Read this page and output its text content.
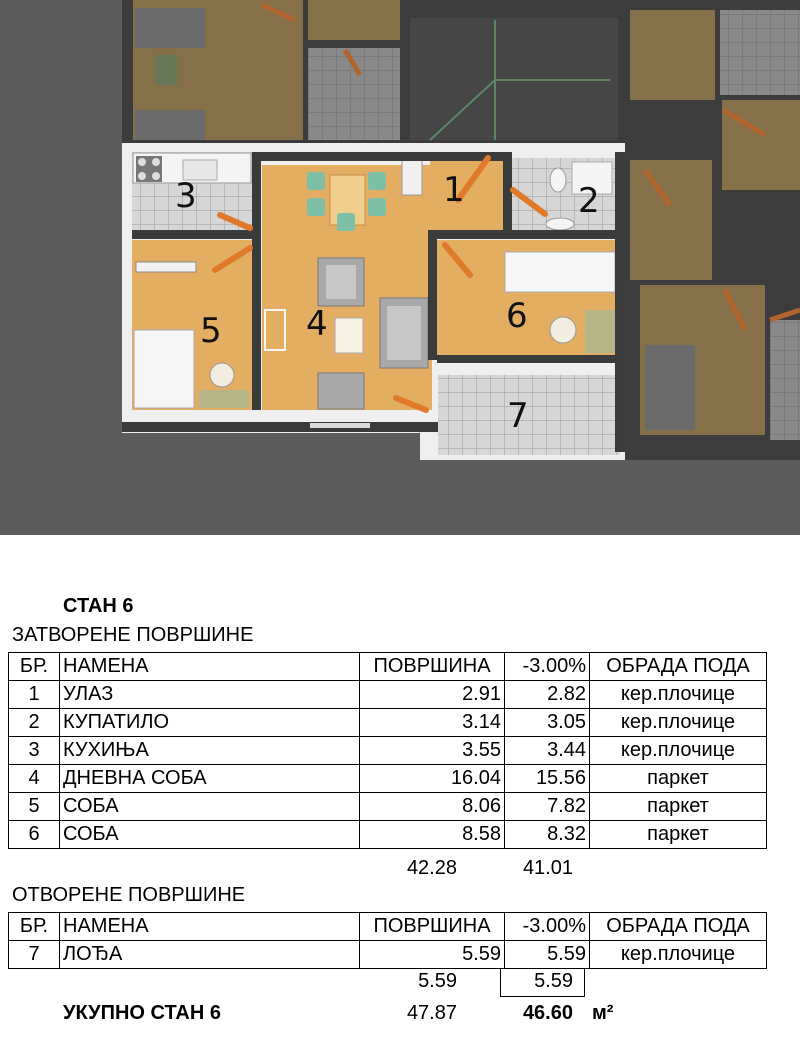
1	2
3
4
5	6
7
СТАН 6
ЗАТВОРЕНЕ ПОВРШИНЕ
БР.	НАМЕНА	ПОВРШИНА	-3.00%	ОБРАДА ПОДА
1	УЛАЗ	2.91	2.82	кер.плочице
2	КУПАТИЛО	3.14	3.05	кер.плочице
3	КУХИЊА	3.55	3.44	кер.плочице
4	ДНЕВНА СОБА	16.04	15.56	паркет
5	СОБА	8.06	7.82	паркет
6	СОБА	8.58	8.32	паркет
42.28	41.01
ОТВОРЕНЕ ПОВРШИНЕ
БР.	НАМЕНА	ПОВРШИНА	-3.00%	ОБРАДА ПОДА
7	ЛОЂА	5.59	5.59	кер.плочице
5.59	5.59
УКУПНО СТАН 6	47.87	46.60 м²
